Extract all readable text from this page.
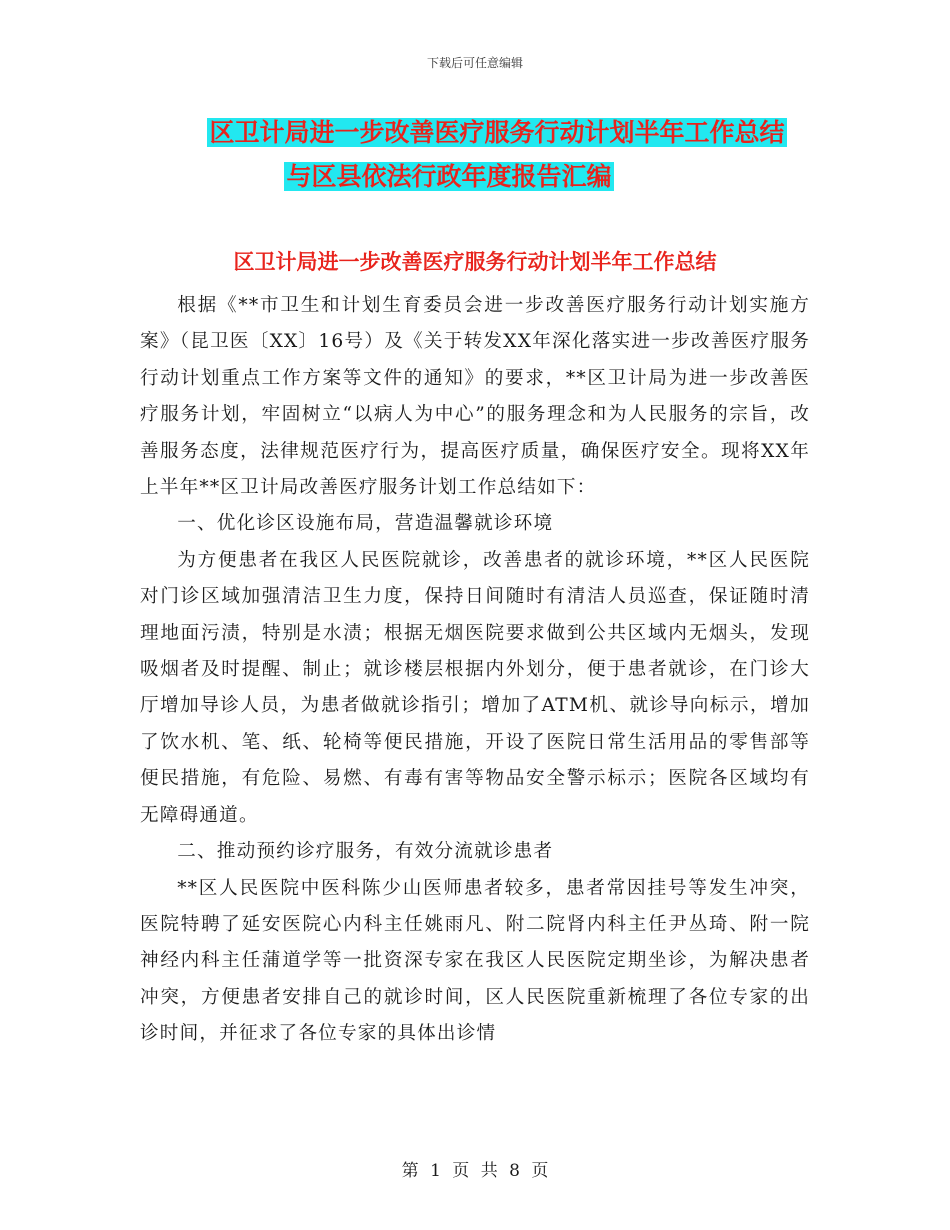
下载后可任意编辑
区卫计局进一步改善医疗服务行动计划半年工作总结
与区县依法行政年度报告汇编
区卫计局进一步改善医疗服务行动计划半年工作总结

根据《**市卫生和计划生育委员会进一步改善医疗服务行动计划实施方案》（昆卫医〔XX〕16号）及《关于转发XX年深化落实进一步改善医疗服务行动计划重点工作方案等文件的通知》的要求，**区卫计局为进一步改善医疗服务计划，牢固树立“以病人为中心”的服务理念和为人民服务的宗旨，改善服务态度，法律规范医疗行为，提高医疗质量，确保医疗安全。现将XX年上半年**区卫计局改善医疗服务计划工作总结如下：

一、优化诊区设施布局，营造温馨就诊环境

为方便患者在我区人民医院就诊，改善患者的就诊环境，**区人民医院对门诊区域加强清洁卫生力度，保持日间随时有清洁人员巡查，保证随时清理地面污渍，特别是水渍；根据无烟医院要求做到公共区域内无烟头，发现吸烟者及时提醒、制止；就诊楼层根据内外划分，便于患者就诊，在门诊大厅增加导诊人员，为患者做就诊指引；增加了ATM机、就诊导向标示，增加了饮水机、笔、纸、轮椅等便民措施，开设了医院日常生活用品的零售部等便民措施，有危险、易燃、有毒有害等物品安全警示标示；医院各区域均有无障碍通道。

二、推动预约诊疗服务，有效分流就诊患者

**区人民医院中医科陈少山医师患者较多，患者常因挂号等发生冲突，医院特聘了延安医院心内科主任姚雨凡、附二院肾内科主任尹丛琦、附一院神经内科主任蒲道学等一批资深专家在我区人民医院定期坐诊，为解决患者冲突，方便患者安排自己的就诊时间，区人民医院重新梳理了各位专家的出诊时间，并征求了各位专家的具体出诊情

第 1 页 共 8 页
